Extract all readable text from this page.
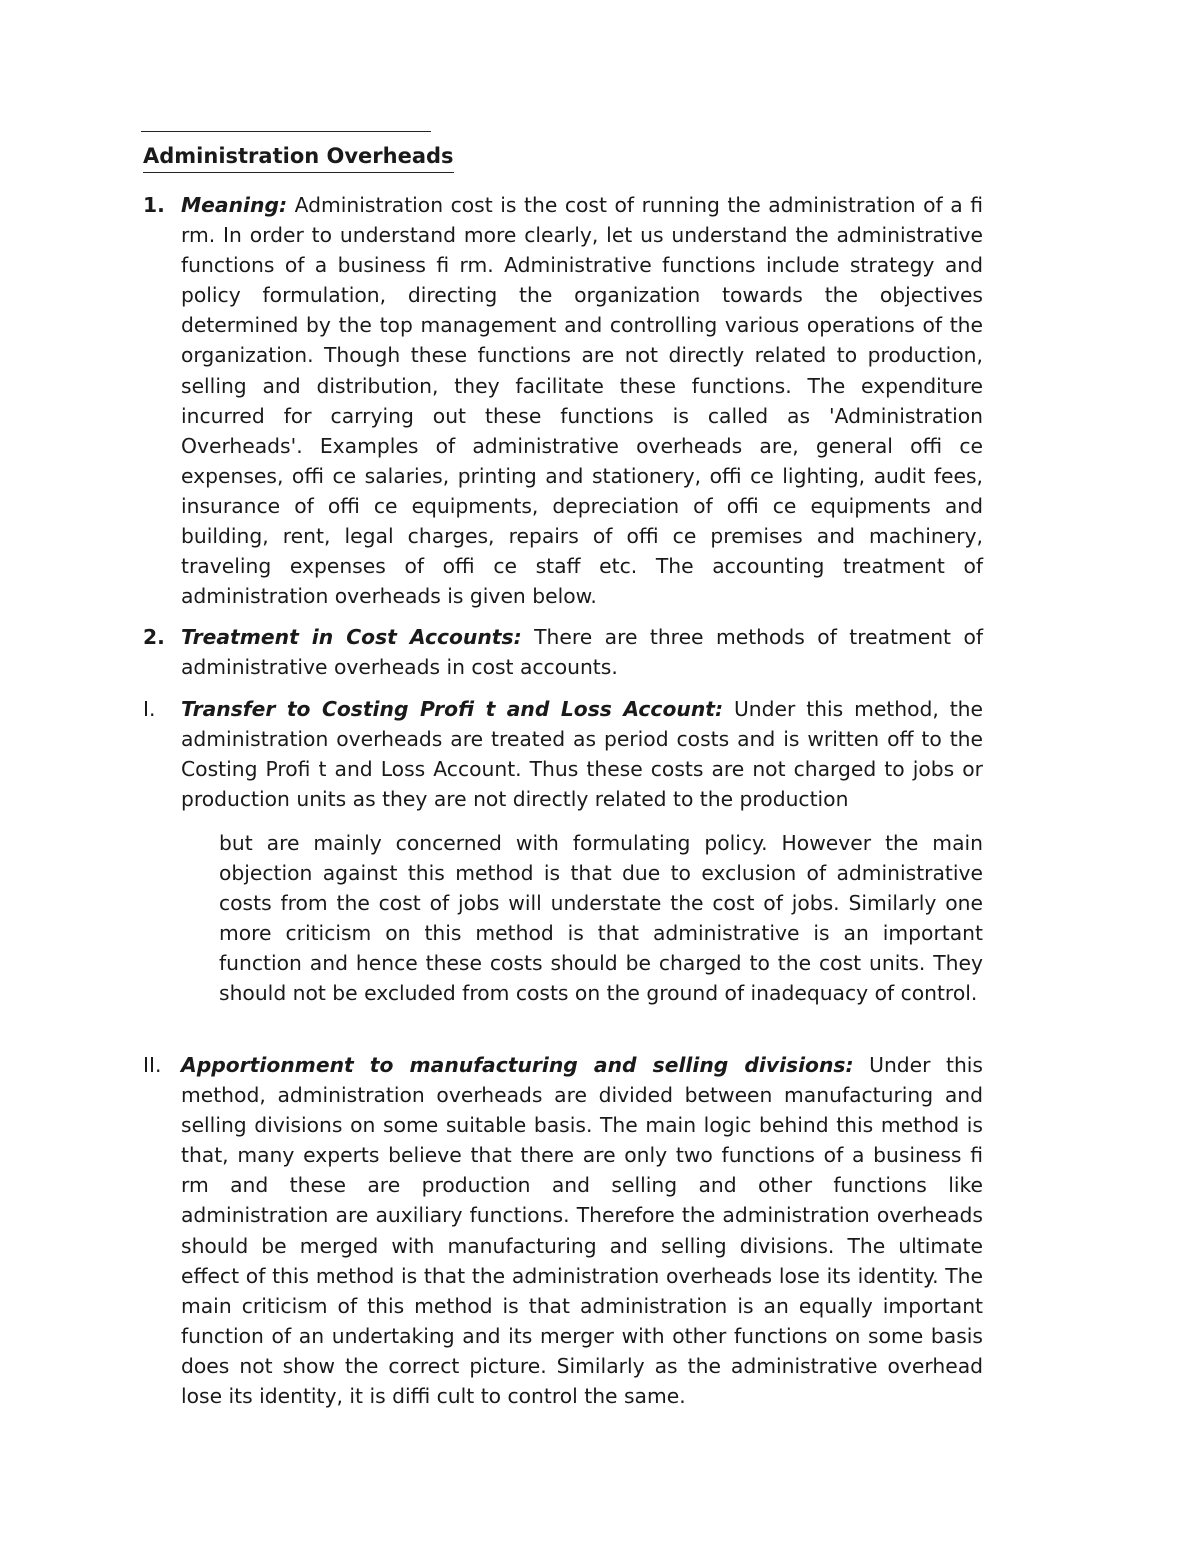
Administration Overheads
1. Meaning: Administration cost is the cost of running the administration of a fi rm. In order to understand more clearly, let us understand the administrative functions of a business fi rm. Administrative functions include strategy and policy formulation, directing the organization towards the objectives determined by the top management and controlling various operations of the organization. Though these functions are not directly related to production, selling and distribution, they facilitate these functions. The expenditure incurred for carrying out these functions is called as 'Administration Overheads'. Examples of administrative overheads are, general offi ce expenses, offi ce salaries, printing and stationery, offi ce lighting, audit fees, insurance of offi ce equipments, depreciation of offi ce equipments and building, rent, legal charges, repairs of offi ce premises and machinery, traveling expenses of offi ce staff etc. The accounting treatment of administration overheads is given below.
2. Treatment in Cost Accounts: There are three methods of treatment of administrative overheads in cost accounts.
I.	Transfer to Costing Profi t and Loss Account: Under this method, the administration overheads are treated as period costs and is written off to the Costing Profi t and Loss Account. Thus these costs are not charged to jobs or production units as they are not directly related to the production
but are mainly concerned with formulating policy. However the main objection against this method is that due to exclusion of administrative costs from the cost of jobs will understate the cost of jobs. Similarly one more criticism on this method is that administrative is an important function and hence these costs should be charged to the cost units. They should not be excluded from costs on the ground of inadequacy of control.
II. Apportionment to manufacturing and selling divisions: Under this method, administration overheads are divided between manufacturing and selling divisions on some suitable basis. The main logic behind this method is that, many experts believe that there are only two functions of a business fi rm and these are production and selling and other functions like administration are auxiliary functions. Therefore the administration overheads should be merged with manufacturing and selling divisions. The ultimate effect of this method is that the administration overheads lose its identity. The main criticism of this method is that administration is an equally important function of an undertaking and its merger with other functions on some basis does not show the correct picture. Similarly as the administrative overhead lose its identity, it is diffi cult to control the same.
